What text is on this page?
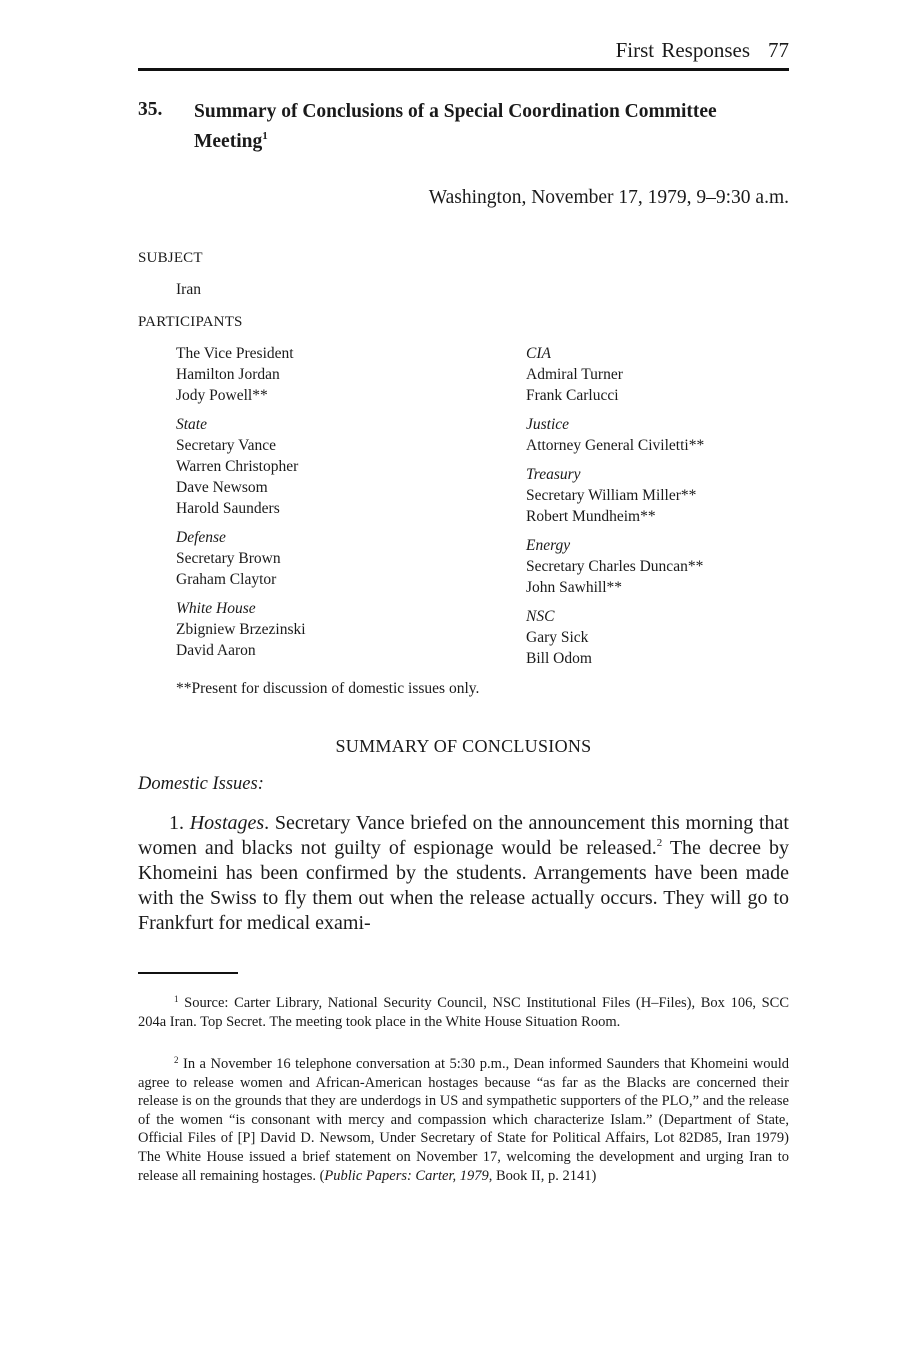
First Responses 77
35. Summary of Conclusions of a Special Coordination Committee Meeting$^1$
Washington, November 17, 1979, 9–9:30 a.m.
SUBJECT
Iran
PARTICIPANTS
The Vice President
Hamilton Jordan
Jody Powell**
State
Secretary Vance
Warren Christopher
Dave Newsom
Harold Saunders
Defense
Secretary Brown
Graham Claytor
White House
Zbigniew Brzezinski
David Aaron
CIA
Admiral Turner
Frank Carlucci
Justice
Attorney General Civiletti**
Treasury
Secretary William Miller**
Robert Mundheim**
Energy
Secretary Charles Duncan**
John Sawhill**
NSC
Gary Sick
Bill Odom
**Present for discussion of domestic issues only.
SUMMARY OF CONCLUSIONS
Domestic Issues:
1. Hostages. Secretary Vance briefed on the announcement this morning that women and blacks not guilty of espionage would be released.$^2$ The decree by Khomeini has been confirmed by the students. Arrangements have been made with the Swiss to fly them out when the release actually occurs. They will go to Frankfurt for medical exami-
$^1$ Source: Carter Library, National Security Council, NSC Institutional Files (H–Files), Box 106, SCC 204a Iran. Top Secret. The meeting took place in the White House Situation Room.
$^2$ In a November 16 telephone conversation at 5:30 p.m., Dean informed Saunders that Khomeini would agree to release women and African-American hostages because “as far as the Blacks are concerned their release is on the grounds that they are underdogs in US and sympathetic supporters of the PLO,” and the release of the women “is consonant with mercy and compassion which characterize Islam.” (Department of State, Official Files of [P] David D. Newsom, Under Secretary of State for Political Affairs, Lot 82D85, Iran 1979) The White House issued a brief statement on November 17, welcoming the development and urging Iran to release all remaining hostages. (Public Papers: Carter, 1979, Book II, p. 2141)
